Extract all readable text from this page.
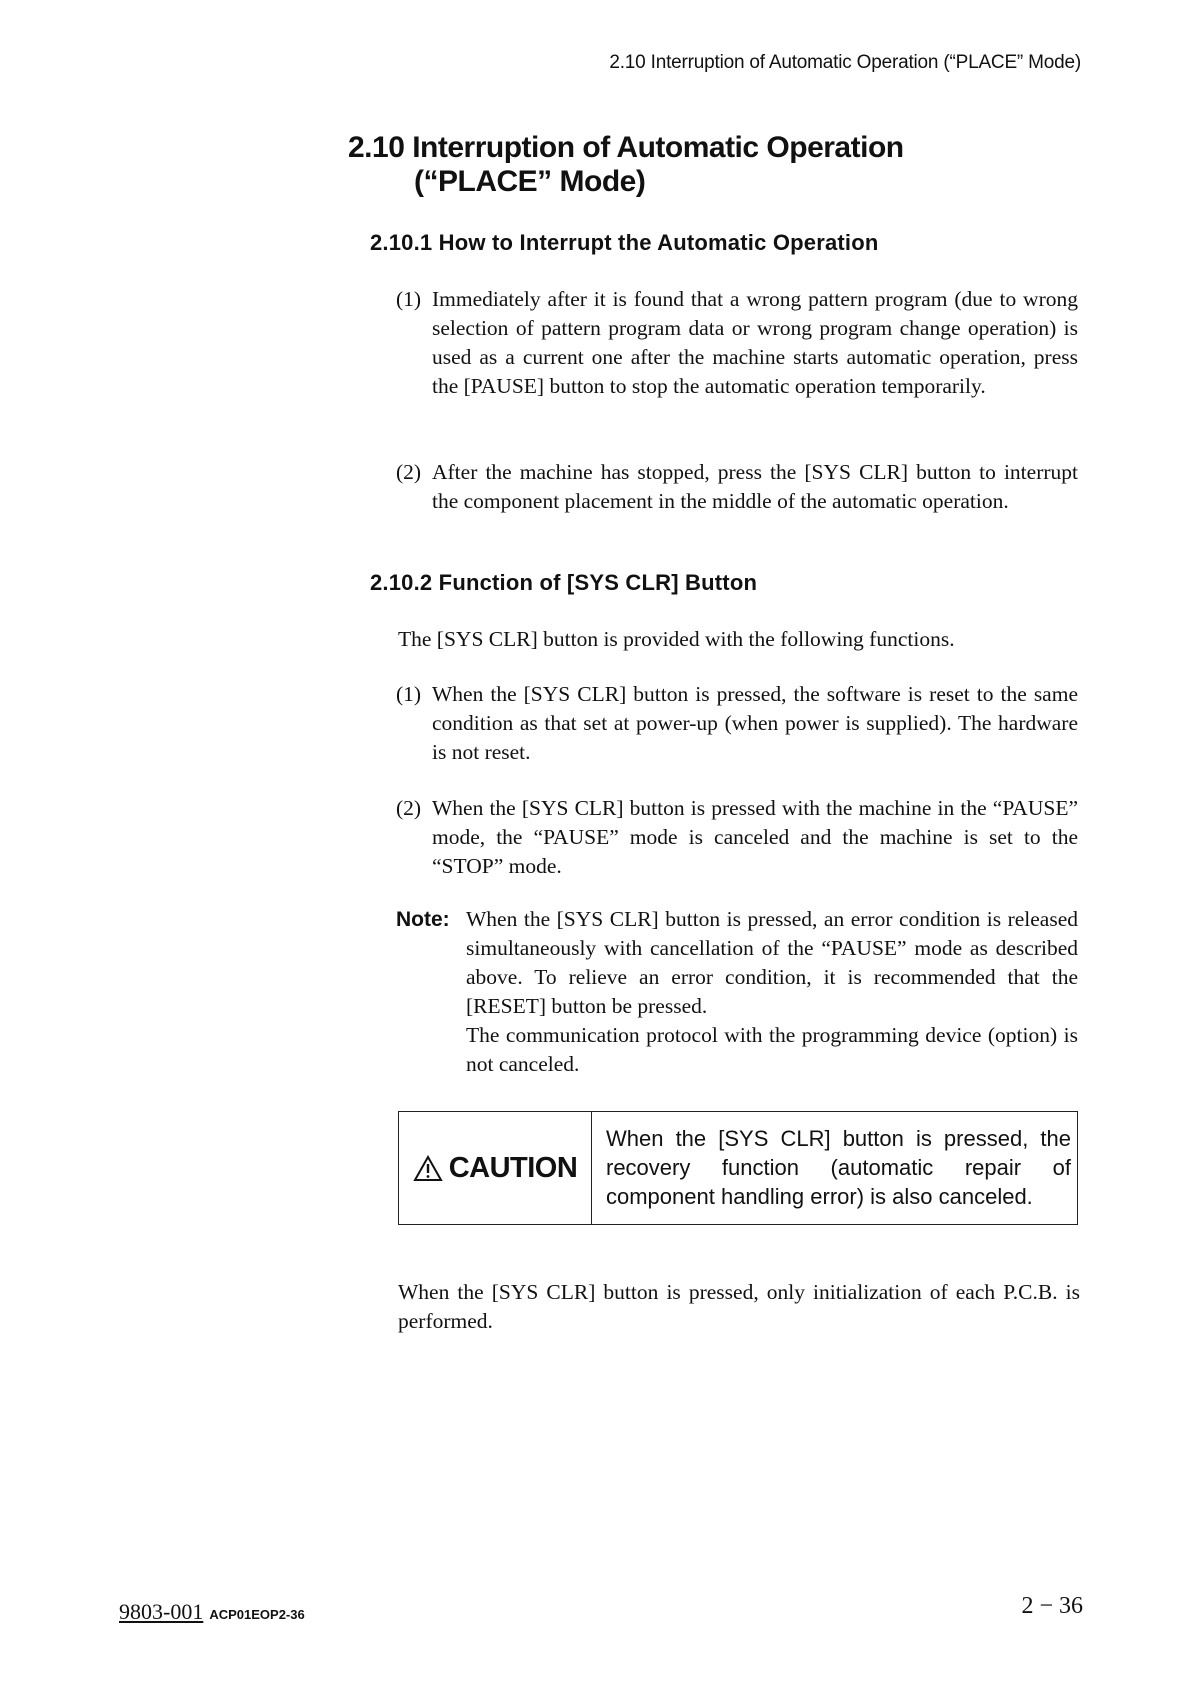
2.10 Interruption of Automatic Operation (“PLACE” Mode)
2.10 Interruption of Automatic Operation
(“PLACE” Mode)
2.10.1 How to Interrupt the Automatic Operation
(1) Immediately after it is found that a wrong pattern program (due to wrong selection of pattern program data or wrong program change operation) is used as a current one after the machine starts automatic operation, press the [PAUSE] button to stop the automatic operation temporarily.
(2) After the machine has stopped, press the [SYS CLR] button to interrupt the component placement in the middle of the automatic operation.
2.10.2 Function of [SYS CLR] Button
The [SYS CLR] button is provided with the following functions.
(1) When the [SYS CLR] button is pressed, the software is reset to the same condition as that set at power-up (when power is supplied). The hardware is not reset.
(2) When the [SYS CLR] button is pressed with the machine in the “PAUSE” mode, the “PAUSE” mode is canceled and the machine is set to the “STOP” mode.
Note: When the [SYS CLR] button is pressed, an error condition is released simultaneously with cancellation of the “PAUSE” mode as described above. To relieve an error condition, it is recommended that the [RESET] button be pressed.
The communication protocol with the programming device (option) is not canceled.
CAUTION
When the [SYS CLR] button is pressed, the recovery function (automatic repair of component handling error) is also canceled.
When the [SYS CLR] button is pressed, only initialization of each P.C.B. is performed.
9803-001 ACP01EOP2-36	2 − 36
